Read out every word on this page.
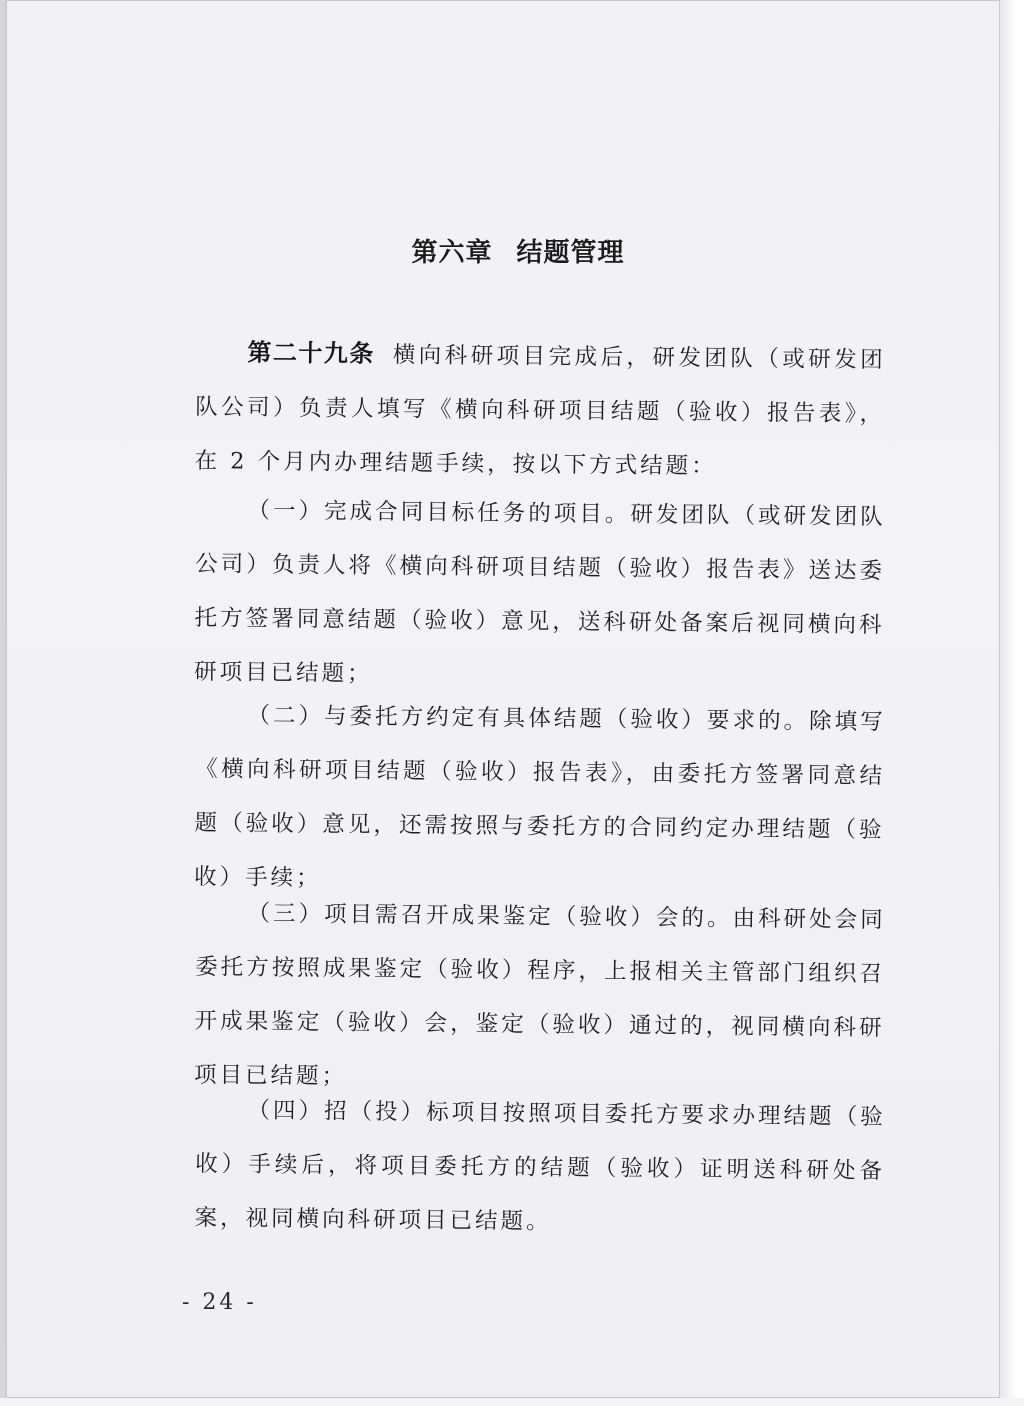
第六章 结题管理
第二十九条 横向科研项目完成后，研发团队（或研发团队公司）负责人填写《横向科研项目结题（验收）报告表》，在 2 个月内办理结题手续，按以下方式结题：
（一）完成合同目标任务的项目。研发团队（或研发团队公司）负责人将《横向科研项目结题（验收）报告表》送达委托方签署同意结题（验收）意见，送科研处备案后视同横向科研项目已结题；
（二）与委托方约定有具体结题（验收）要求的。除填写《横向科研项目结题（验收）报告表》，由委托方签署同意结题（验收）意见，还需按照与委托方的合同约定办理结题（验收）手续；
（三）项目需召开成果鉴定（验收）会的。由科研处会同委托方按照成果鉴定（验收）程序，上报相关主管部门组织召开成果鉴定（验收）会，鉴定（验收）通过的，视同横向科研项目已结题；
（四）招（投）标项目按照项目委托方要求办理结题（验收）手续后，将项目委托方的结题（验收）证明送科研处备案，视同横向科研项目已结题。
- 24 -
